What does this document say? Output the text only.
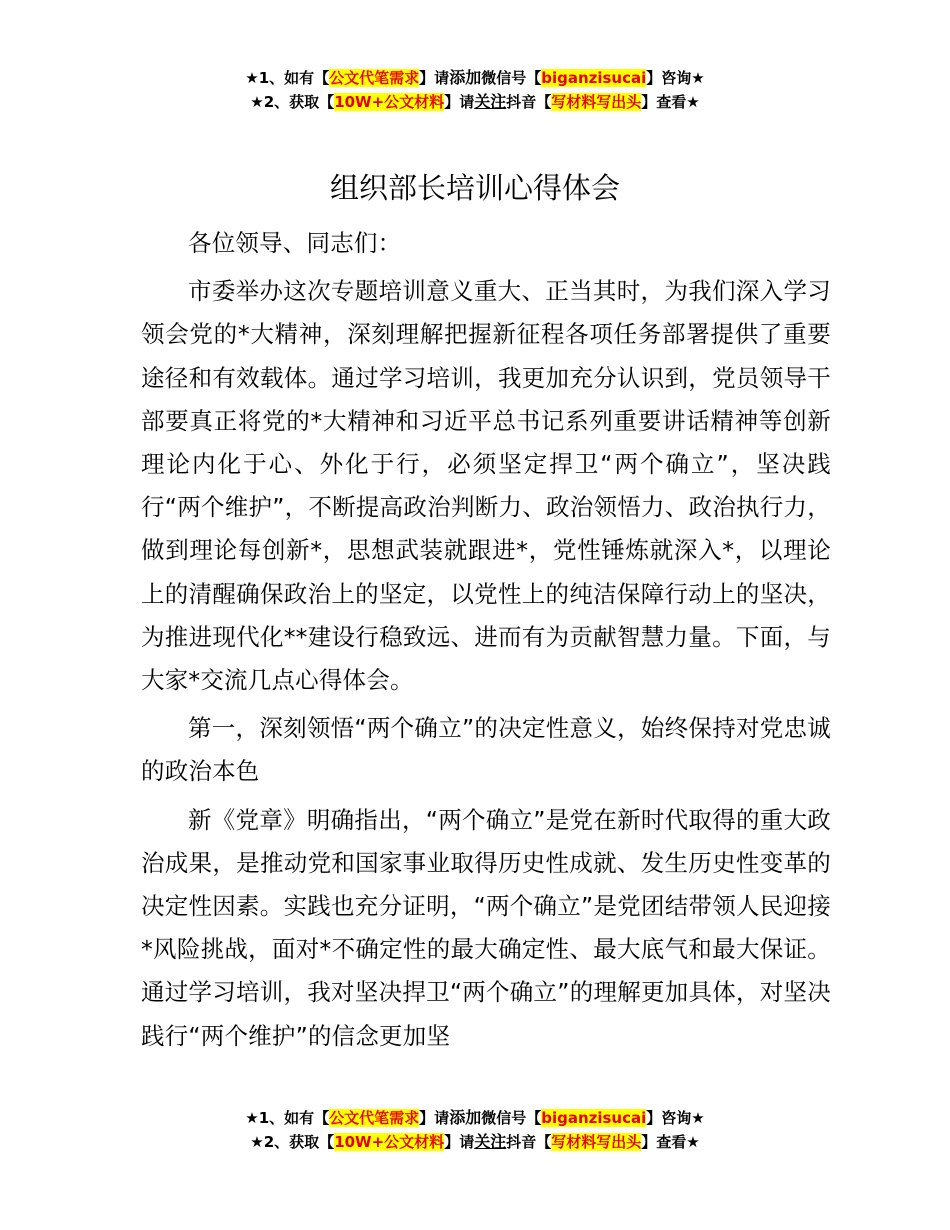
★1、如有【公文代笔需求】请添加微信号【biganzisucai】咨询★
★2、获取【10W+公文材料】请关注抖音【写材料写出头】查看★
组织部长培训心得体会

各位领导、同志们：

市委举办这次专题培训意义重大、正当其时，为我们深入学习领会党的*大精神，深刻理解把握新征程各项任务部署提供了重要途径和有效载体。通过学习培训，我更加充分认识到，党员领导干部要真正将党的*大精神和习近平总书记系列重要讲话精神等创新理论内化于心、外化于行，必须坚定捍卫“两个确立”，坚决践行“两个维护”，不断提高政治判断力、政治领悟力、政治执行力，做到理论每创新*，思想武装就跟进*，党性锤炼就深入*，以理论上的清醒确保政治上的坚定，以党性上的纯洁保障行动上的坚决，为推进现代化**建设行稳致远、进而有为贡献智慧力量。下面，与大家*交流几点心得体会。

第一，深刻领悟“两个确立”的决定性意义，始终保持对党忠诚的政治本色

新《党章》明确指出，“两个确立”是党在新时代取得的重大政治成果，是推动党和国家事业取得历史性成就、发生历史性变革的决定性因素。实践也充分证明，“两个确立”是党团结带领人民迎接*风险挑战，面对*不确定性的最大确定性、最大底气和最大保证。通过学习培训，我对坚决捍卫“两个确立”的理解更加具体，对坚决践行“两个维护”的信念更加坚

★1、如有【公文代笔需求】请添加微信号【biganzisucai】咨询★
★2、获取【10W+公文材料】请关注抖音【写材料写出头】查看★
